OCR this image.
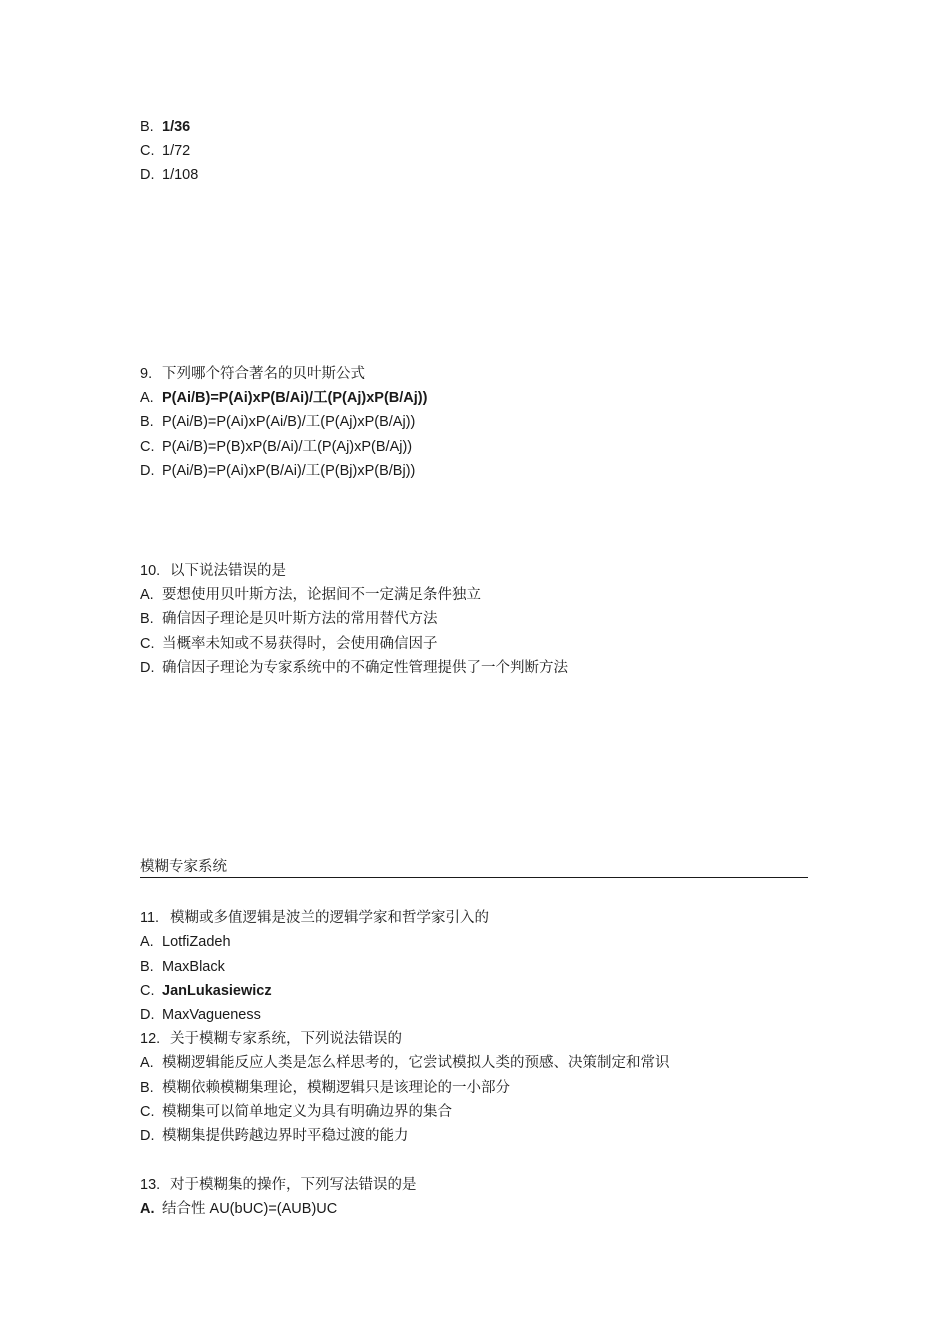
B. 1/36
C. 1/72
D. 1/108
9. 下列哪个符合著名的贝叶斯公式
A. P(Ai/B)=P(Ai)xP(B/Ai)/工(P(Aj)xP(B/Aj))
B. P(Ai/B)=P(Ai)xP(Ai/B)/工(P(Aj)xP(B/Aj))
C. P(Ai/B)=P(B)xP(B/Ai)/工(P(Aj)xP(B/Aj))
D. P(Ai/B)=P(Ai)xP(B/Ai)/工(P(Bj)xP(B/Bj))
10. 以下说法错误的是
A. 要想使用贝叶斯方法，论据间不一定满足条件独立
B. 确信因子理论是贝叶斯方法的常用替代方法
C. 当概率未知或不易获得时，会使用确信因子
D. 确信因子理论为专家系统中的不确定性管理提供了一个判断方法
模糊专家系统
11. 模糊或多值逻辑是波兰的逻辑学家和哲学家引入的
A. LotfiZadeh
B. MaxBlack
C. JanLukasiewicz
D. MaxVagueness
12. 关于模糊专家系统，下列说法错误的
A. 模糊逻辑能反应人类是怎么样思考的，它尝试模拟人类的预感、决策制定和常识
B. 模糊依赖模糊集理论，模糊逻辑只是该理论的一小部分
C. 模糊集可以简单地定义为具有明确边界的集合
D. 模糊集提供跨越边界时平稳过渡的能力
13. 对于模糊集的操作，下列写法错误的是
A. 结合性 AU(bUC)=(AUB)UC
